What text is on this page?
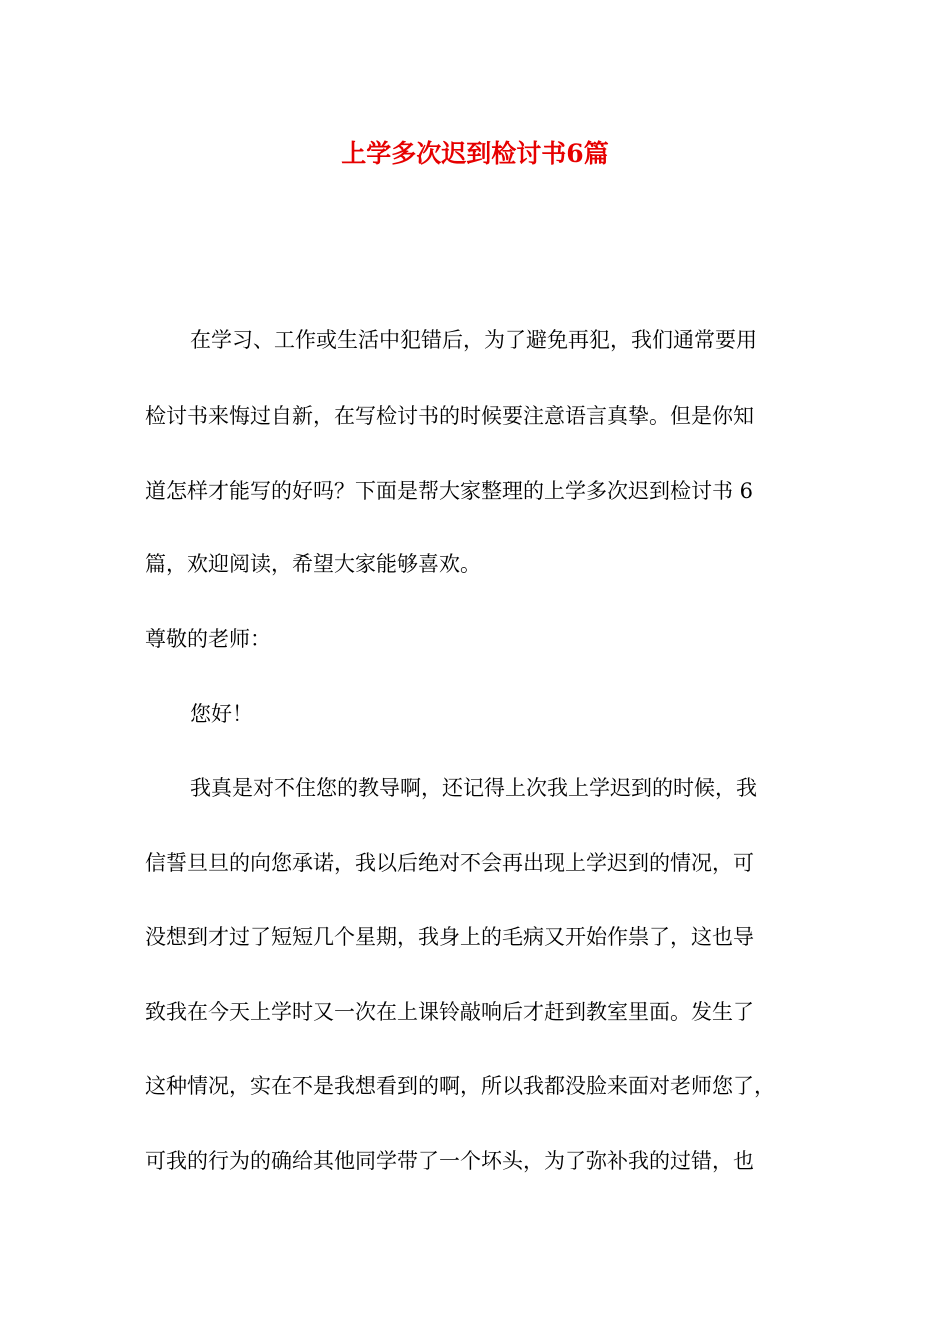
上学多次迟到检讨书6篇

在学习、工作或生活中犯错后，为了避免再犯，我们通常要用

检讨书来悔过自新，在写检讨书的时候要注意语言真挚。但是你知

道怎样才能写的好吗？下面是帮大家整理的上学多次迟到检讨书 6

篇，欢迎阅读，希望大家能够喜欢。

尊敬的老师：

您好！

我真是对不住您的教导啊，还记得上次我上学迟到的时候，我

信誓旦旦的向您承诺，我以后绝对不会再出现上学迟到的情况，可

没想到才过了短短几个星期，我身上的毛病又开始作祟了，这也导

致我在今天上学时又一次在上课铃敲响后才赶到教室里面。发生了

这种情况，实在不是我想看到的啊，所以我都没脸来面对老师您了，

可我的行为的确给其他同学带了一个坏头，为了弥补我的过错，也
